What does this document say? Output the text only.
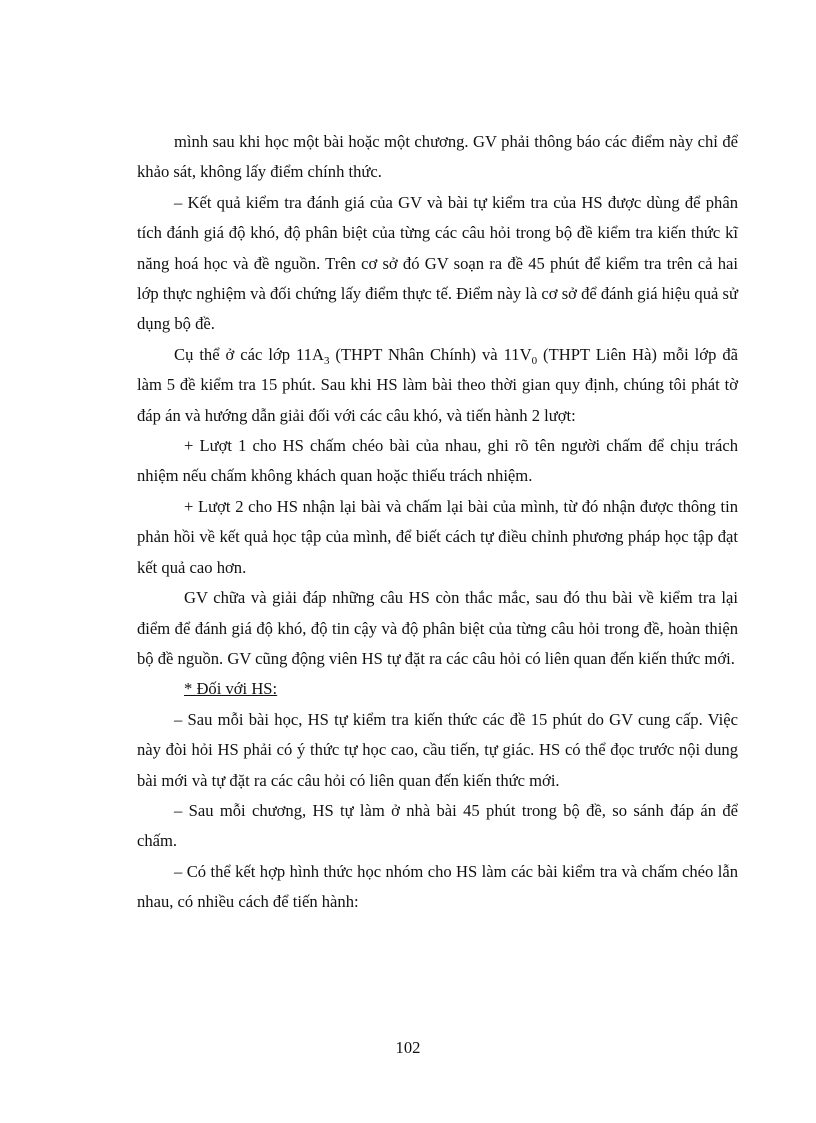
mình sau khi học một bài hoặc một chương. GV phải thông báo các điểm này chỉ để khảo sát, không lấy điểm chính thức.

– Kết quả kiểm tra đánh giá của GV và bài tự kiểm tra của HS được dùng để phân tích đánh giá độ khó, độ phân biệt của từng các câu hỏi trong bộ đề kiểm tra kiến thức kĩ năng hoá học và đề nguồn. Trên cơ sở đó GV soạn ra đề 45 phút để kiểm tra trên cả hai lớp thực nghiệm và đối chứng lấy điểm thực tế. Điểm này là cơ sở để đánh giá hiệu quả sử dụng bộ đề.

Cụ thể ở các lớp $11A_3$ (THPT Nhân Chính) và $11V_0$ (THPT Liên Hà) mỗi lớp đã làm 5 đề kiểm tra 15 phút. Sau khi HS làm bài theo thời gian quy định, chúng tôi phát tờ đáp án và hướng dẫn giải đối với các câu khó, và tiến hành 2 lượt:

+ Lượt 1 cho HS chấm chéo bài của nhau, ghi rõ tên người chấm để chịu trách nhiệm nếu chấm không khách quan hoặc thiếu trách nhiệm.

+ Lượt 2 cho HS nhận lại bài và chấm lại bài của mình, từ đó nhận được thông tin phản hồi về kết quả học tập của mình, để biết cách tự điều chỉnh phương pháp học tập đạt kết quả cao hơn.

GV chữa và giải đáp những câu HS còn thắc mắc, sau đó thu bài về kiểm tra lại điểm để đánh giá độ khó, độ tin cậy và độ phân biệt của từng câu hỏi trong đề, hoàn thiện bộ đề nguồn. GV cũng động viên HS tự đặt ra các câu hỏi có liên quan đến kiến thức mới.

* Đối với HS:

– Sau mỗi bài học, HS tự kiểm tra kiến thức các đề 15 phút do GV cung cấp. Việc này đòi hỏi HS phải có ý thức tự học cao, cầu tiến, tự giác. HS có thể đọc trước nội dung bài mới và tự đặt ra các câu hỏi có liên quan đến kiến thức mới.

– Sau mỗi chương, HS tự làm ở nhà bài 45 phút trong bộ đề, so sánh đáp án để chấm.

– Có thể kết hợp hình thức học nhóm cho HS làm các bài kiểm tra và chấm chéo lẫn nhau, có nhiều cách để tiến hành:

102
